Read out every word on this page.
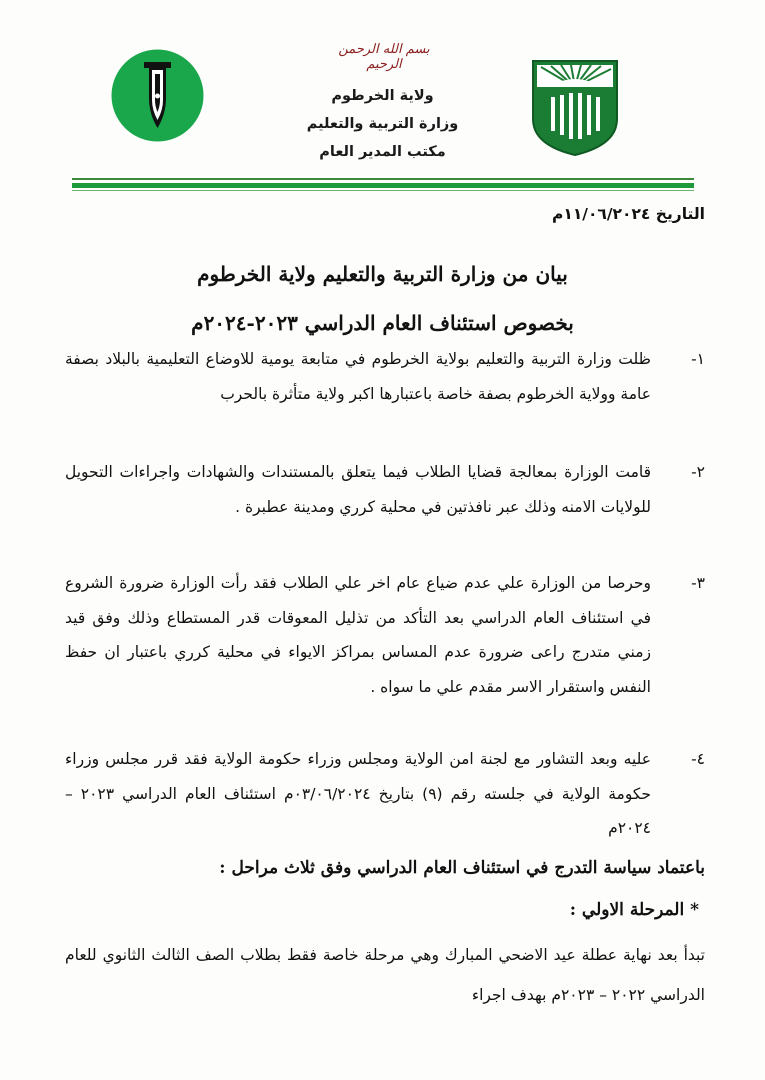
بسم الله الرحمن الرحيم
ولاية الخرطوم
وزارة التربية والتعليم
مكتب المدير العام
التاريخ ١١/٠٦/٢٠٢٤م
بيان من وزارة التربية والتعليم ولاية الخرطوم
بخصوص استئناف العام الدراسي ٢٠٢٣-٢٠٢٤م
١-
ظلت وزارة التربية والتعليم بولاية الخرطوم في متابعة يومية للاوضاع التعليمية بالبلاد بصفة عامة وولاية الخرطوم بصفة خاصة باعتبارها اكبر ولاية متأثرة بالحرب
٢-
قامت الوزارة بمعالجة قضايا الطلاب فيما يتعلق بالمستندات والشهادات واجراءات التحويل للولايات الامنه وذلك عبر نافذتين في محلية كرري ومدينة عطبرة .
٣-
وحرصا من الوزارة علي عدم ضياع عام اخر علي الطلاب فقد رأت الوزارة ضرورة الشروع في استئناف العام الدراسي بعد التأكد من تذليل المعوقات قدر المستطاع وذلك وفق قيد زمني متدرج راعى ضرورة عدم المساس بمراكز الايواء في محلية كرري باعتبار ان حفظ النفس واستقرار الاسر مقدم علي ما سواه .
٤-
عليه وبعد التشاور مع لجنة امن الولاية ومجلس وزراء حكومة الولاية فقد قرر مجلس وزراء حكومة الولاية في جلسته رقم (٩) بتاريخ ٠٣/٠٦/٢٠٢٤م استئناف العام الدراسي ٢٠٢٣ – ٢٠٢٤م
باعتماد سياسة التدرج في استئناف العام الدراسي وفق ثلاث مراحل :
* المرحلة الاولي :
تبدأ بعد نهاية عطلة عيد الاضحي المبارك وهي مرحلة خاصة فقط بطلاب الصف الثالث الثانوي للعام الدراسي ٢٠٢٢ – ٢٠٢٣م بهدف اجراء
